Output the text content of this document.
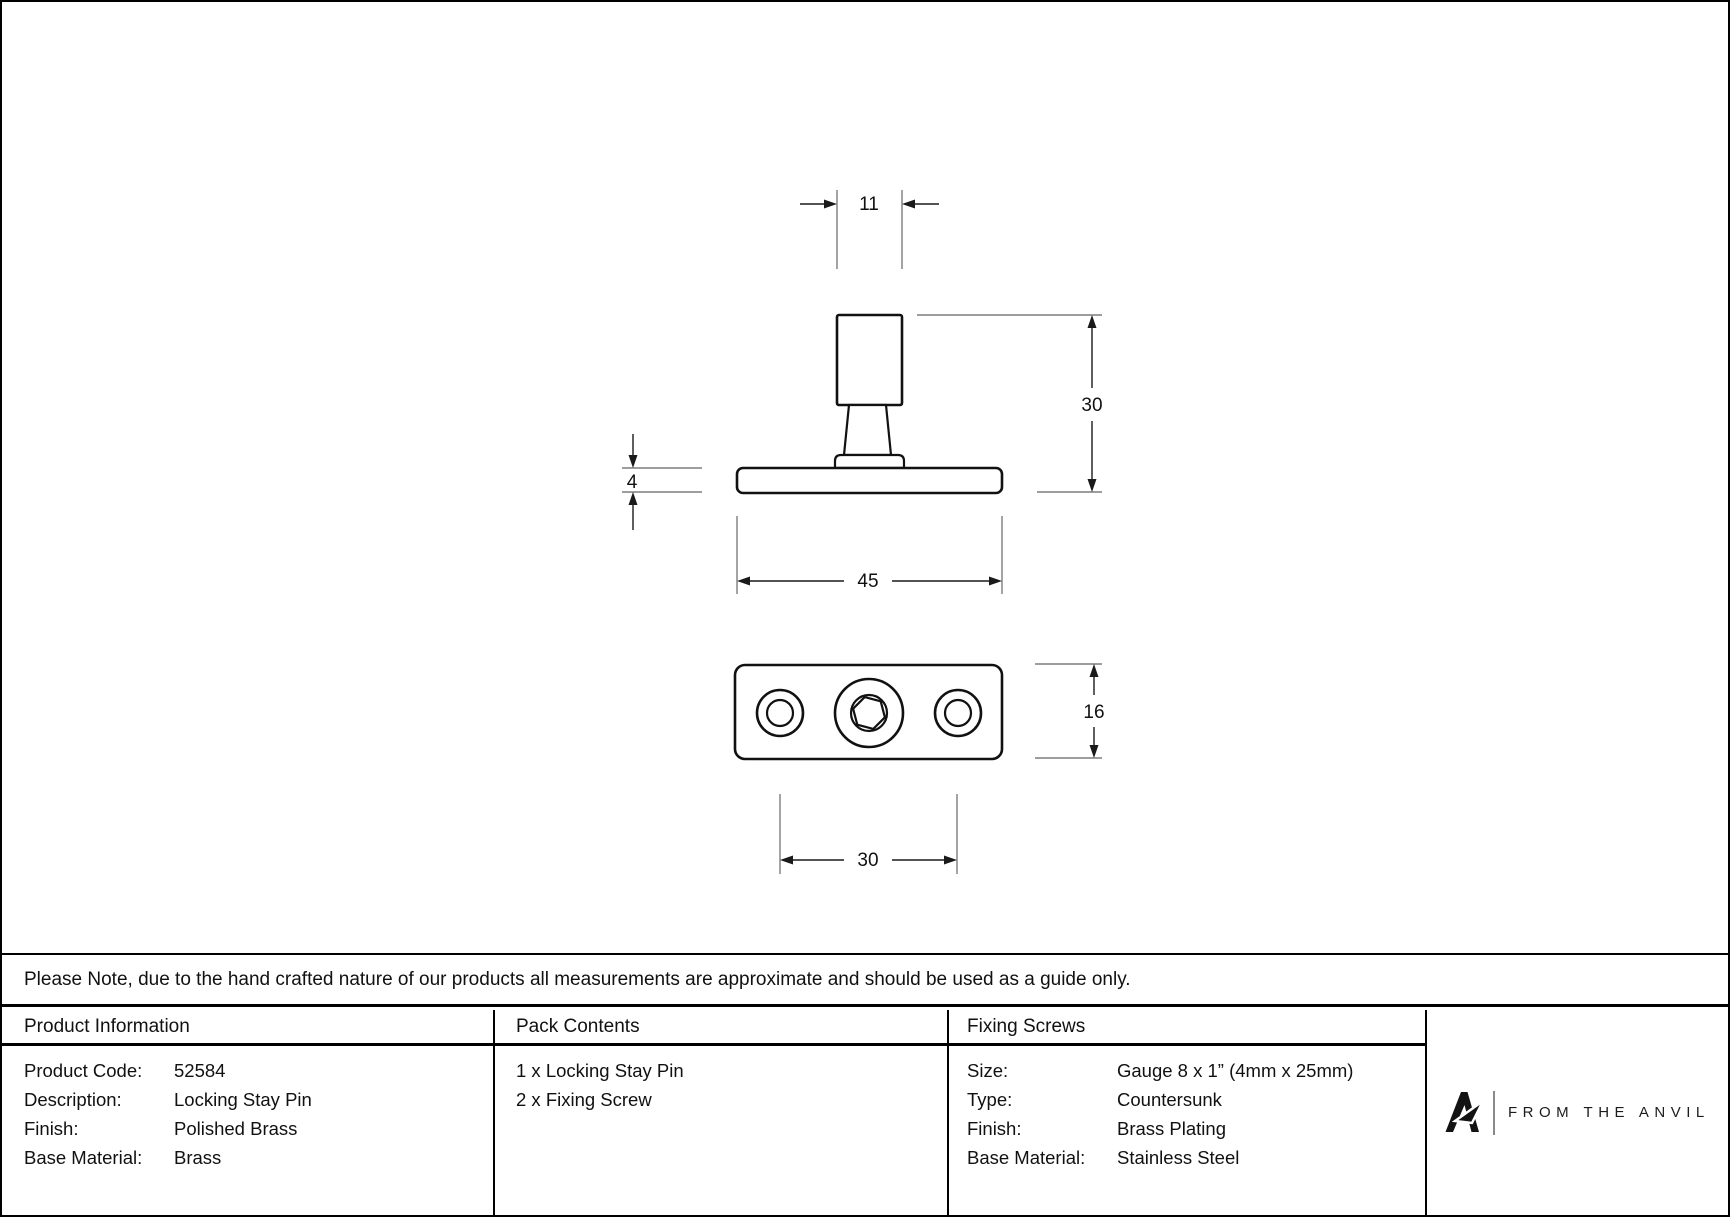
11
30
4
45
16
30
Please Note, due to the hand crafted nature of our products all measurements are approximate and should be used as a guide only.
Product Information
Product Code:	52584
Description:	Locking Stay Pin
Finish:	Polished Brass
Base Material:	Brass
Pack Contents
1 x Locking Stay Pin
2 x Fixing Screw
Fixing Screws
Size:	Gauge 8 x 1” (4mm x 25mm)
Type:	Countersunk
Finish:	Brass Plating
Base Material:	Stainless Steel
FROM THE ANVIL
